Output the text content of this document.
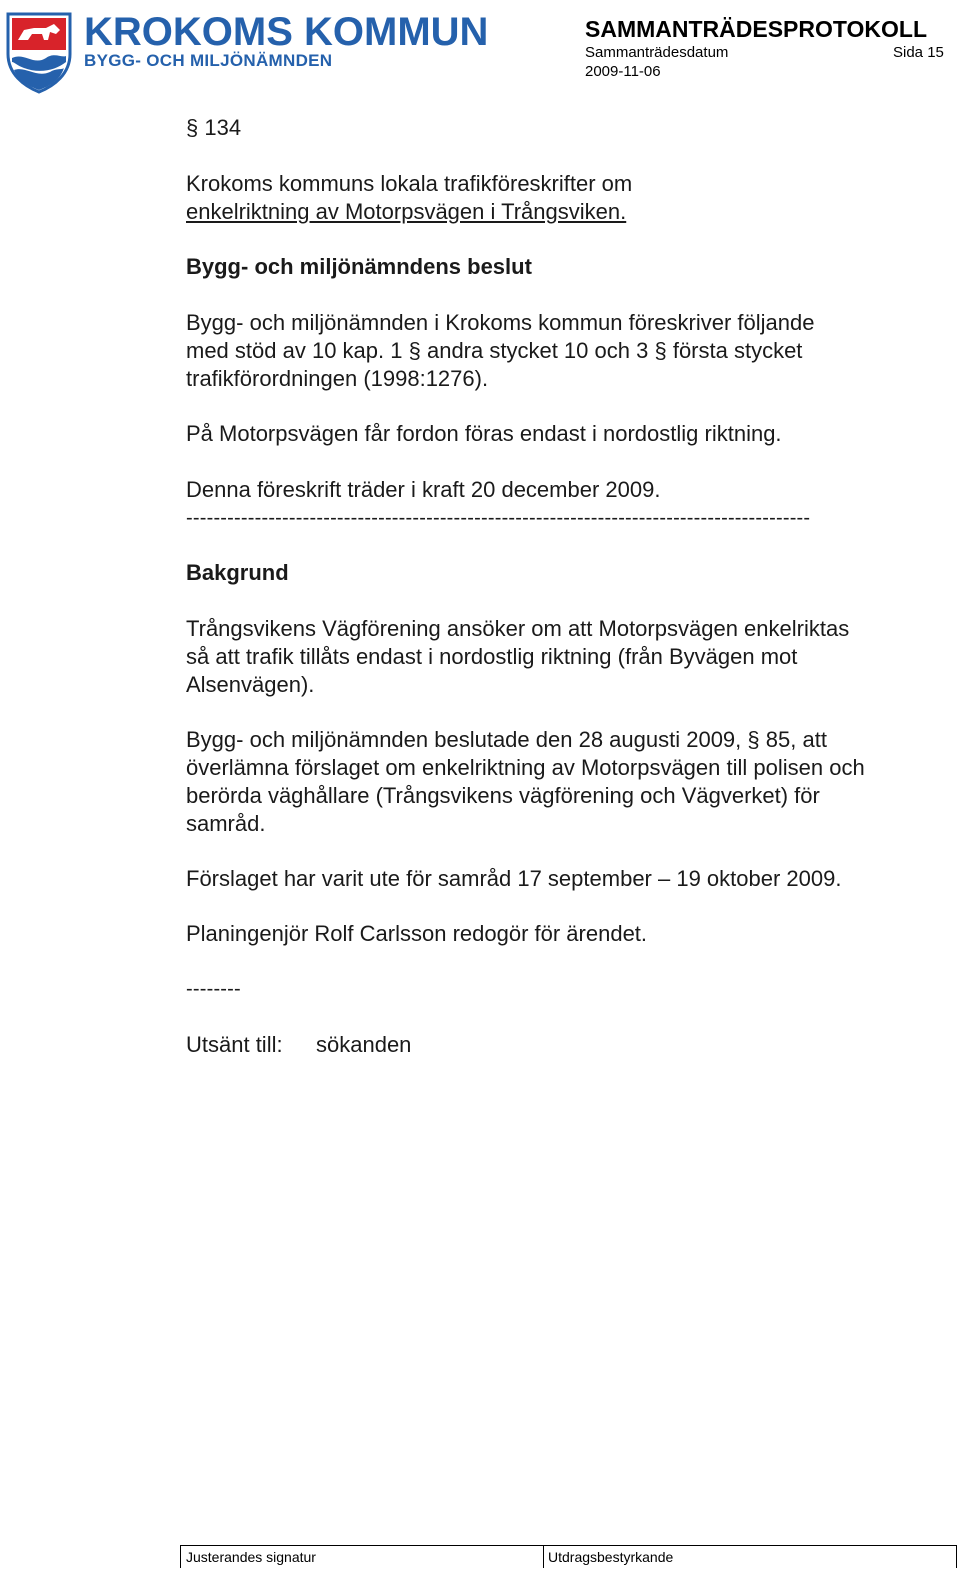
KROKOMS KOMMUN
BYGG- OCH MILJÖNÄMNDEN
SAMMANTRÄDESPROTOKOLL
Sammanträdesdatum	Sida 15
2009-11-06
§ 134
Krokoms kommuns lokala trafikföreskrifter om
enkelriktning av Motorpsvägen i Trångsviken.
Bygg- och miljönämndens beslut
Bygg- och miljönämnden i Krokoms kommun föreskriver följande
med stöd av 10 kap. 1 § andra stycket 10 och 3 § första stycket
trafikförordningen (1998:1276).
På Motorpsvägen får fordon föras endast i nordostlig riktning.
Denna föreskrift träder i kraft 20 december 2009.
-------------------------------------------------------------------------------------------
Bakgrund
Trångsvikens Vägförening ansöker om att Motorpsvägen enkelriktas
så att trafik tillåts endast i nordostlig riktning (från Byvägen mot
Alsenvägen).
Bygg- och miljönämnden beslutade den 28 augusti 2009, § 85, att
överlämna förslaget om enkelriktning av Motorpsvägen till polisen och
berörda väghållare (Trångsvikens vägförening och Vägverket) för
samråd.
Förslaget har varit ute för samråd 17 september – 19 oktober 2009.
Planingenjör Rolf Carlsson redogör för ärendet.
--------
Utsänt till: sökanden
Justerandes signatur	Utdragsbestyrkande
